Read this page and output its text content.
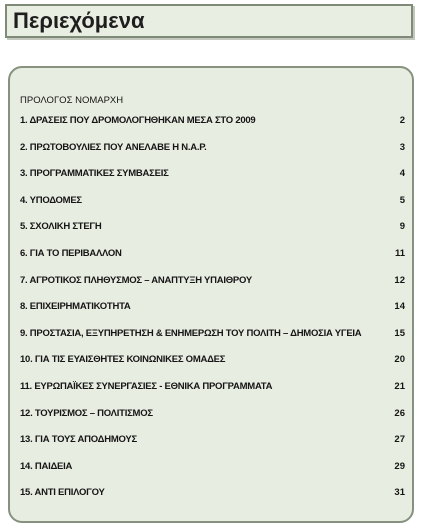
Περιεχόμενα
ΠΡΟΛΟΓΟΣ ΝΟΜΑΡΧΗ
1. ΔΡΑΣΕΙΣ ΠΟΥ ΔΡΟΜΟΛΟΓΗΘΗΚΑΝ ΜΕΣΑ ΣΤΟ 2009	2
2. ΠΡΩΤΟΒΟΥΛΙΕΣ ΠΟΥ ΑΝΕΛΑΒΕ Η Ν.Α.Ρ.	3
3. ΠΡΟΓΡΑΜΜΑΤΙΚΕΣ ΣΥΜΒΑΣΕΙΣ	4
4. ΥΠΟΔΟΜΕΣ	5
5. ΣΧΟΛΙΚΗ ΣΤΕΓΗ	9
6. ΓΙΑ ΤΟ ΠΕΡΙΒΑΛΛΟΝ	11
7. ΑΓΡΟΤΙΚΟΣ ΠΛΗΘΥΣΜΟΣ – ΑΝΑΠΤΥΞΗ ΥΠΑΙΘΡΟΥ	12
8. ΕΠΙΧΕΙΡΗΜΑΤΙΚΟΤΗΤΑ	14
9. ΠΡΟΣΤΑΣΙΑ, ΕΞΥΠΗΡΕΤΗΣΗ & ΕΝΗΜΕΡΩΣΗ ΤΟΥ ΠΟΛΙΤΗ – ΔΗΜΟΣΙΑ ΥΓΕΙΑ	15
10. ΓΙΑ ΤΙΣ ΕΥΑΙΣΘΗΤΕΣ ΚΟΙΝΩΝΙΚΕΣ ΟΜΑΔΕΣ	20
11. ΕΥΡΩΠΑΪΚΕΣ ΣΥΝΕΡΓΑΣΙΕΣ - ΕΘΝΙΚΑ ΠΡΟΓΡΑΜΜΑΤΑ	21
12. ΤΟΥΡΙΣΜΟΣ – ΠΟΛΙΤΙΣΜΟΣ	26
13. ΓΙΑ ΤΟΥΣ ΑΠΟΔΗΜΟΥΣ	27
14. ΠΑΙΔΕΙΑ	29
15. ΑΝΤΙ ΕΠΙΛΟΓΟΥ	31
